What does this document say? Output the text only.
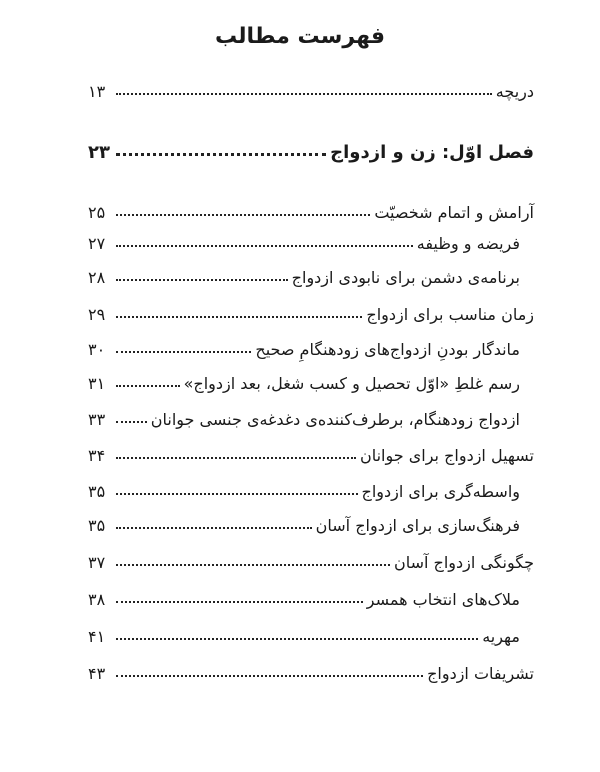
فهرست مطالب
دریچه
۱۳
فصل اوّل: زن و ازدواج
۲۳
آرامش و اتمام شخصیّت
۲۵
فریضه و وظیفه
۲۷
برنامه‌ی دشمن برای نابودی ازدواج
۲۸
زمان مناسب برای ازدواج
۲۹
ماندگار بودنِ ازدواج‌های زودهنگامِ صحیح
۳۰
رسم غلطِ «اوّل تحصیل و کسب شغل، بعد ازدواج»
۳۱
ازدواج زودهنگام، برطرف‌کننده‌ی دغدغه‌ی جنسی جوانان
۳۳
تسهیل ازدواج برای جوانان
۳۴
واسطه‌گری برای ازدواج
۳۵
فرهنگ‌سازی برای ازدواج آسان
۳۵
چگونگی ازدواج آسان
۳۷
ملاک‌های انتخاب همسر
۳۸
مهریه
۴۱
تشریفات ازدواج
۴۳
